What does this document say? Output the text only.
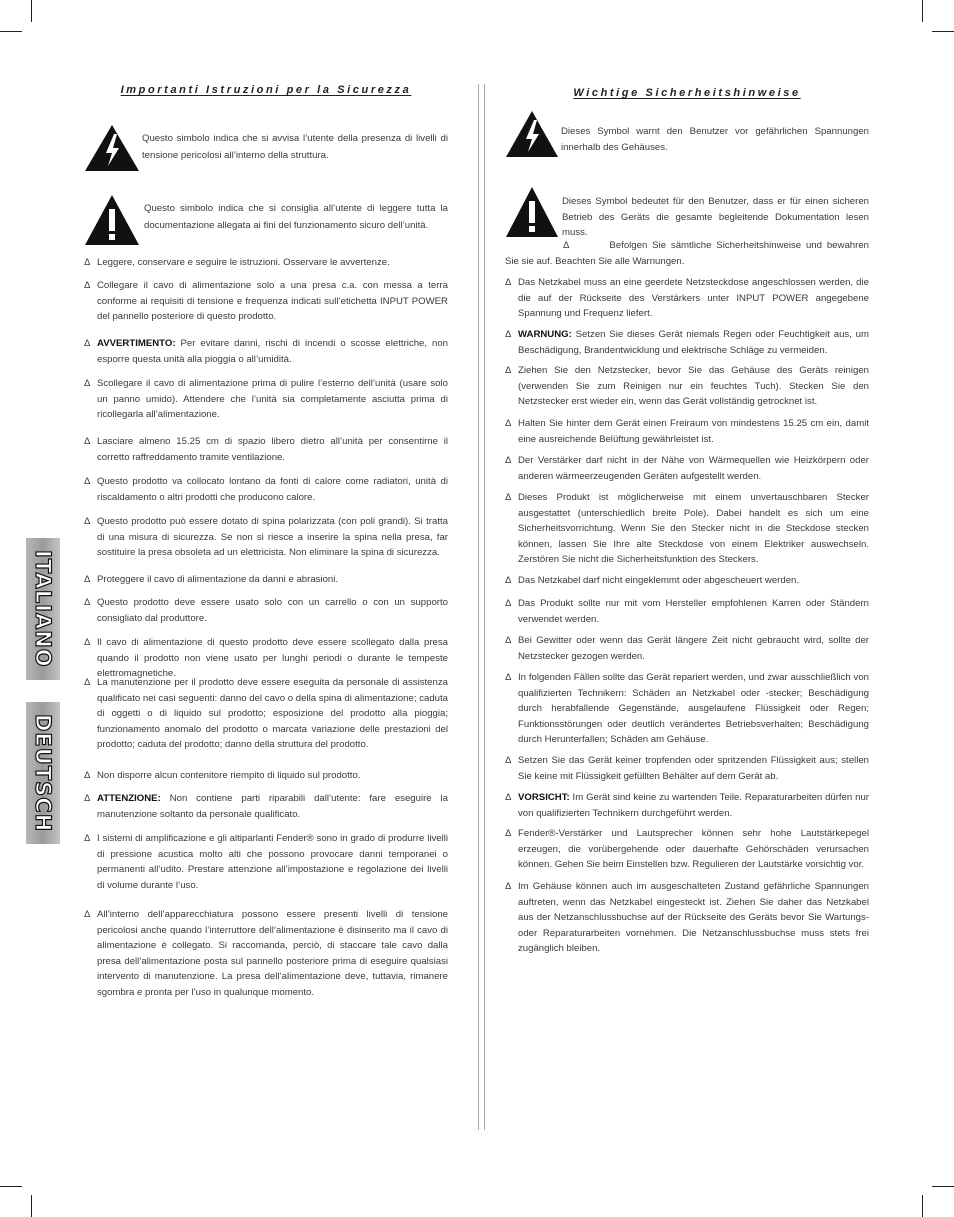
ITALIANO
DEUTSCH
Importanti Istruzioni per la Sicurezza

Questo simbolo indica che si avvisa l’utente della presenza di livelli di tensione pericolosi all’interno della struttura.

Questo simbolo indica che si consiglia all’utente di leggere tutta la documentazione allegata ai fini del funzionamento sicuro dell’unità.

Δ Leggere, conservare e seguire le istruzioni. Osservare le avvertenze.
Δ Collegare il cavo di alimentazione solo a una presa c.a. con messa a terra conforme ai requisiti di tensione e frequenza indicati sull’etichetta INPUT POWER del pannello posteriore di questo prodotto.
Δ AVVERTIMENTO: Per evitare danni, rischi di incendi o scosse elettriche, non esporre questa unità alla pioggia o all’umidità.
Δ Scollegare il cavo di alimentazione prima di pulire l’esterno dell’unità (usare solo un panno umido). Attendere che l’unità sia completamente asciutta prima di ricollegarla all’alimentazione.
Δ Lasciare almeno 15.25 cm di spazio libero dietro all’unità per consentirne il corretto raffreddamento tramite ventilazione.
Δ Questo prodotto va collocato lontano da fonti di calore come radiatori, unità di riscaldamento o altri prodotti che producono calore.
Δ Questo prodotto può essere dotato di spina polarizzata (con poli grandi). Si tratta di una misura di sicurezza. Se non si riesce a inserire la spina nella presa, far sostituire la presa obsoleta ad un elettricista. Non eliminare la spina di sicurezza.
Δ Proteggere il cavo di alimentazione da danni e abrasioni.
Δ Questo prodotto deve essere usato solo con un carrello o con un supporto consigliato dal produttore.
Δ Il cavo di alimentazione di questo prodotto deve essere scollegato dalla presa quando il prodotto non viene usato per lunghi periodi o durante le tempeste elettromagnetiche.
Δ La manutenzione per il prodotto deve essere eseguita da personale di assistenza qualificato nei casi seguenti: danno del cavo o della spina di alimentazione; caduta di oggetti o di liquido sul prodotto; esposizione del prodotto alla pioggia; funzionamento anomalo del prodotto o marcata variazione delle prestazioni del prodotto; caduta del prodotto; danno della struttura del prodotto.
Δ Non disporre alcun contenitore riempito di liquido sul prodotto.
Δ ATTENZIONE: Non contiene parti riparabili dall’utente: fare eseguire la manutenzione soltanto da personale qualificato.
Δ I sistemi di amplificazione e gli altiparlanti Fender® sono in grado di produrre livelli di pressione acustica molto alti che possono provocare danni temporanei o permanenti all’udito. Prestare attenzione all’impostazione e regolazione dei livelli di volume durante l’uso.
Δ All’interno dell’apparecchiatura possono essere presenti livelli di tensione pericolosi anche quando l’interruttore dell’alimentazione è disinserito ma il cavo di alimentazione è collegato. Si raccomanda, perciò, di staccare tale cavo dalla presa dell’alimentazione posta sul pannello posteriore prima di eseguire qualsiasi intervento di manutenzione. La presa dell’alimentazione deve, tuttavia, rimanere sgombra e pronta per l’uso in qualunque momento.
Wichtige Sicherheitshinweise

Dieses Symbol warnt den Benutzer vor gefährlichen Spannungen innerhalb des Gehäuses.

Dieses Symbol bedeutet für den Benutzer, dass er für einen sicheren Betrieb des Geräts die gesamte begleitende Dokumentation lesen muss.

Δ	Befolgen Sie sämtliche Sicherheitshinweise und bewahren Sie sie auf. Beachten Sie alle Warnungen.
Δ Das Netzkabel muss an eine geerdete Netzsteckdose angeschlossen werden, die die auf der Rückseite des Verstärkers unter INPUT POWER angegebene Spannung und Frequenz liefert.
Δ WARNUNG: Setzen Sie dieses Gerät niemals Regen oder Feuchtigkeit aus, um Beschädigung, Brandentwicklung und elektrische Schläge zu vermeiden.
Δ Ziehen Sie den Netzstecker, bevor Sie das Gehäuse des Geräts reinigen (verwenden Sie zum Reinigen nur ein feuchtes Tuch). Stecken Sie den Netzstecker erst wieder ein, wenn das Gerät vollständig getrocknet ist.
Δ Halten Sie hinter dem Gerät einen Freiraum von mindestens 15.25 cm ein, damit eine ausreichende Belüftung gewährleistet ist.
Δ Der Verstärker darf nicht in der Nähe von Wärmequellen wie Heizkörpern oder anderen wärmeerzeugenden Geräten aufgestellt werden.
Δ Dieses Produkt ist möglicherweise mit einem unvertauschbaren Stecker ausgestattet (unterschiedlich breite Pole). Dabei handelt es sich um eine Sicherheitsvorrichtung. Wenn Sie den Stecker nicht in die Steckdose stecken können, lassen Sie Ihre alte Steckdose von einem Elektriker auswechseln. Zerstören Sie nicht die Sicherheitsfunktion des Steckers.
Δ Das Netzkabel darf nicht eingeklemmt oder abgescheuert werden.
Δ Das Produkt sollte nur mit vom Hersteller empfohlenen Karren oder Ständern verwendet werden.
Δ Bei Gewitter oder wenn das Gerät längere Zeit nicht gebraucht wird, sollte der Netzstecker gezogen werden.
Δ In folgenden Fällen sollte das Gerät repariert werden, und zwar ausschließlich von qualifizierten Technikern: Schäden an Netzkabel oder -stecker; Beschädigung durch herabfallende Gegenstände, ausgelaufene Flüssigkeit oder Regen; Funktionsstörungen oder deutlich verändertes Betriebsverhalten; Beschädigung durch Herunterfallen; Schäden am Gehäuse.
Δ Setzen Sie das Gerät keiner tropfenden oder spritzenden Flüssigkeit aus; stellen Sie keine mit Flüssigkeit gefüllten Behälter auf dem Gerät ab.
Δ VORSICHT: Im Gerät sind keine zu wartenden Teile. Reparaturarbeiten dürfen nur von qualifizierten Technikern durchgeführt werden.
Δ Fender®-Verstärker und Lautsprecher können sehr hohe Lautstärkepegel erzeugen, die vorübergehende oder dauerhafte Gehörschäden verursachen können. Gehen Sie beim Einstellen bzw. Regulieren der Lautstärke vorsichtig vor.
Δ Im Gehäuse können auch im ausgeschalteten Zustand gefährliche Spannungen auftreten, wenn das Netzkabel eingesteckt ist. Ziehen Sie daher das Netzkabel aus der Netzanschlussbuchse auf der Rückseite des Geräts bevor Sie Wartungs- oder Reparaturarbeiten vornehmen. Die Netzanschlussbuchse muss stets frei zugänglich bleiben.
